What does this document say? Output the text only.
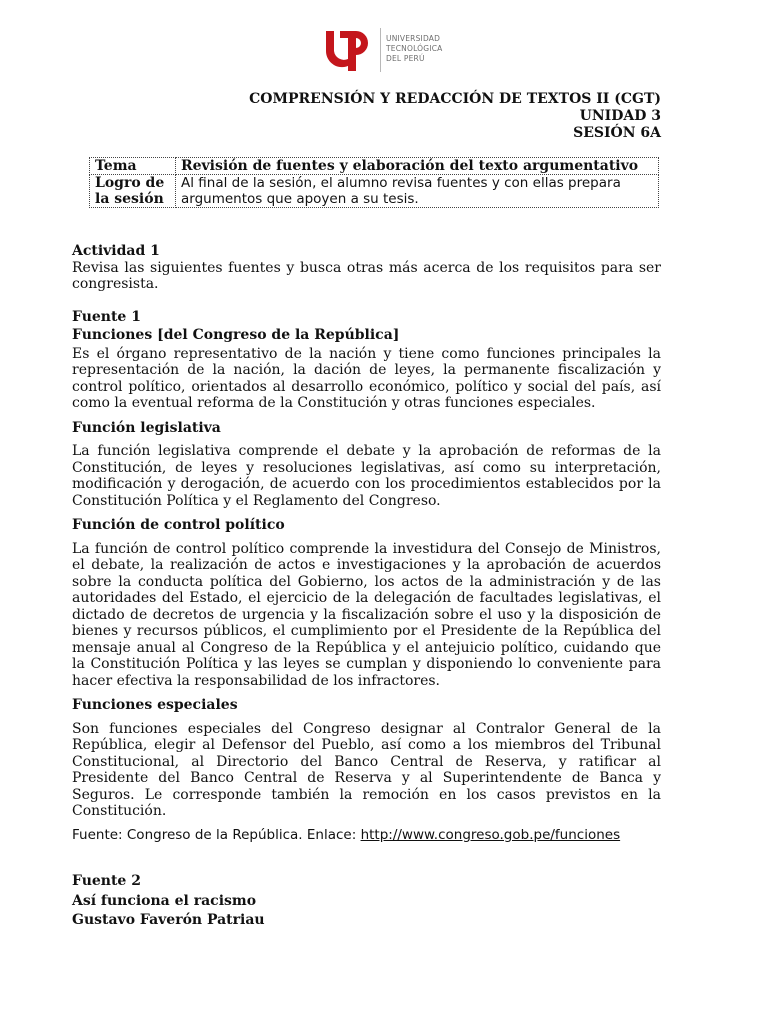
UNIVERSIDAD
TECNOLÓGICA
DEL PERÚ
COMPRENSIÓN Y REDACCIÓN DE TEXTOS II (CGT)
UNIDAD 3
SESIÓN 6A
Tema	Revisión de fuentes y elaboración del texto argumentativo
Logro de la sesión	Al final de la sesión, el alumno revisa fuentes y con ellas prepara argumentos que apoyen a su tesis.
Actividad 1

Revisa las siguientes fuentes y busca otras más acerca de los requisitos para ser congresista.

Fuente 1
Funciones [del Congreso de la República]

Es el órgano representativo de la nación y tiene como funciones principales la representación de la nación, la dación de leyes, la permanente fiscalización y control político, orientados al desarrollo económico, político y social del país, así como la eventual reforma de la Constitución y otras funciones especiales.

Función legislativa

La función legislativa comprende el debate y la aprobación de reformas de la Constitución, de leyes y resoluciones legislativas, así como su interpretación, modificación y derogación, de acuerdo con los procedimientos establecidos por la Constitución Política y el Reglamento del Congreso.

Función de control político

La función de control político comprende la investidura del Consejo de Ministros, el debate, la realización de actos e investigaciones y la aprobación de acuerdos sobre la conducta política del Gobierno, los actos de la administración y de las autoridades del Estado, el ejercicio de la delegación de facultades legislativas, el dictado de decretos de urgencia y la fiscalización sobre el uso y la disposición de bienes y recursos públicos, el cumplimiento por el Presidente de la República del mensaje anual al Congreso de la República y el antejuicio político, cuidando que la Constitución Política y las leyes se cumplan y disponiendo lo conveniente para hacer efectiva la responsabilidad de los infractores.

Funciones especiales

Son funciones especiales del Congreso designar al Contralor General de la República, elegir al Defensor del Pueblo, así como a los miembros del Tribunal Constitucional, al Directorio del Banco Central de Reserva, y ratificar al Presidente del Banco Central de Reserva y al Superintendente de Banca y Seguros. Le corresponde también la remoción en los casos previstos en la Constitución.

Fuente: Congreso de la República. Enlace: http://www.congreso.gob.pe/funciones
Fuente 2
Así funciona el racismo
Gustavo Faverón Patriau
